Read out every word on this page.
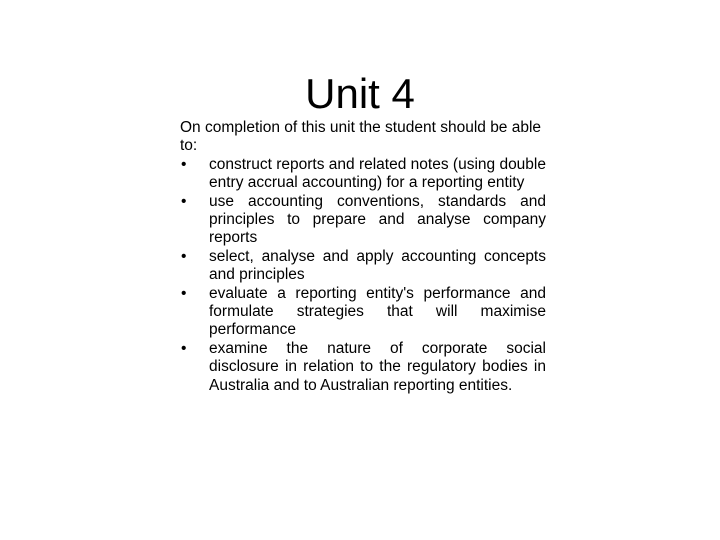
Unit 4

On completion of this unit the student should be able to:

•	construct reports and related notes (using double entry accrual accounting) for a reporting entity
•	use accounting conventions, standards and principles to prepare and analyse company reports
•	select, analyse and apply accounting concepts and principles
•	evaluate a reporting entity's performance and formulate strategies that will maximise performance
•	examine the nature of corporate social disclosure in relation to the regulatory bodies in Australia and to Australian reporting entities.
